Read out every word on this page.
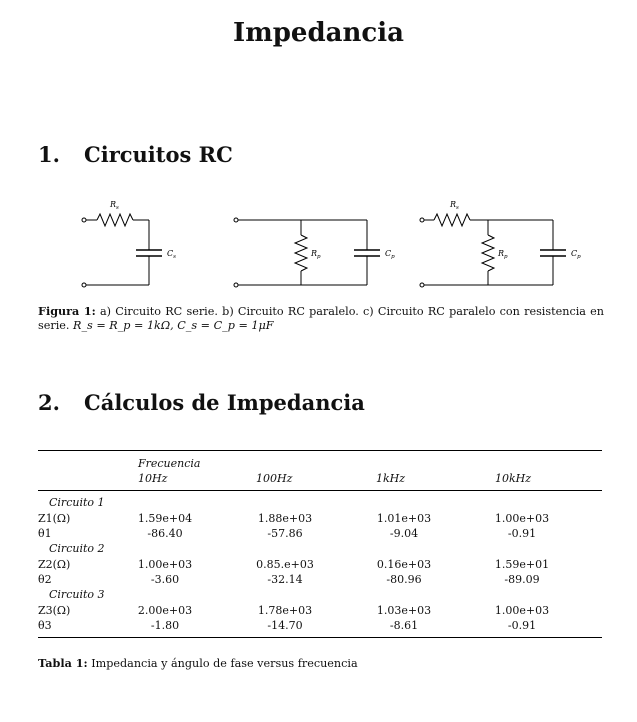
Impedancia
1. Circuitos RC
$R_s$
$C_s$	$R_p$	$C_p$
$R_s$
$R_p$	$C_p$
Figura 1: a) Circuito RC serie. b) Circuito RC paralelo. c) Circuito RC paralelo con resistencia en serie. R_s = R_p = 1kΩ, C_s = C_p = 1μF
2. Cálculos de Impedancia
Frecuencia
10Hz	100Hz	1kHz	10kHz
Circuito 1
Z1(Ω)	1.59e+04	1.88e+03	1.01e+03	1.00e+03
θ1	-86.40	-57.86	-9.04	-0.91
Circuito 2
Z2(Ω)	1.00e+03	0.85.e+03	0.16e+03	1.59e+01
θ2	-3.60	-32.14	-80.96	-89.09
Circuito 3
Z3(Ω)	2.00e+03	1.78e+03	1.03e+03	1.00e+03
θ3	-1.80	-14.70	-8.61	-0.91
Tabla 1: Impedancia y ángulo de fase versus frecuencia
